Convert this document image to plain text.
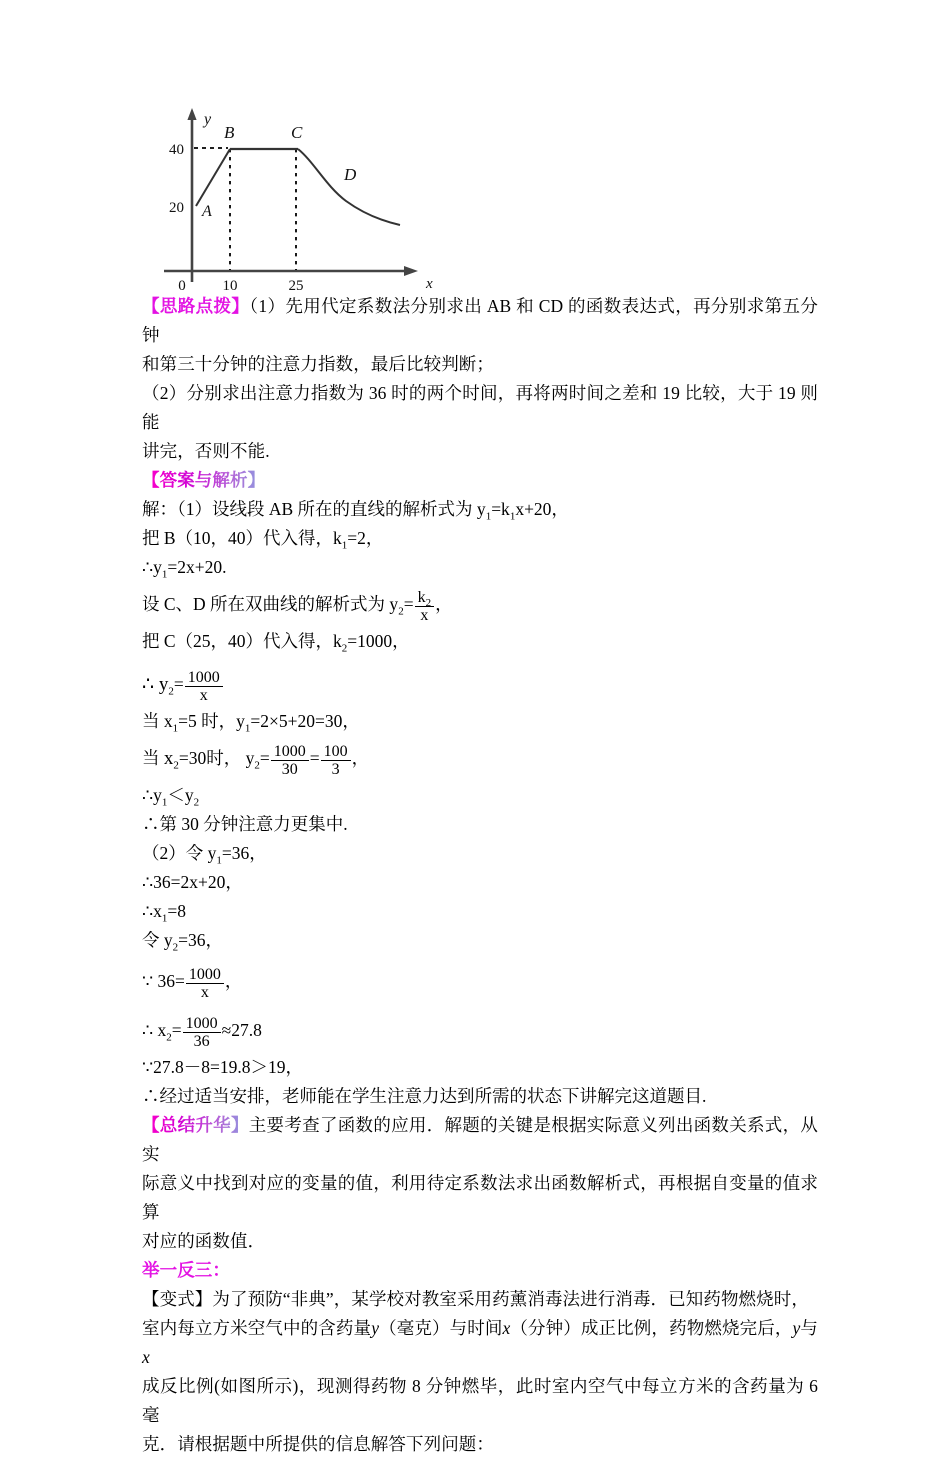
40
20
10	25
0
y
x
A
B	C
D

【思路点拨】（1）先用代定系数法分别求出 AB 和 CD 的函数表达式，再分别求第五分钟

和第三十分钟的注意力指数，最后比较判断；

（2）分别求出注意力指数为 36 时的两个时间，再将两时间之差和 19 比较，大于 19 则能

讲完，否则不能.

【答案与解析】

解：（1）设线段 AB 所在的直线的解析式为 $y_1=k_1x+20$，

把 B（10，40）代入得，$k_1=2$，

$\therefore y_1=2x+20$.

设 C、D 所在双曲线的解析式为 $y_2= \frac{k_2}{x}$ ，

把 C（25，40）代入得，$k_2=1000$，

∴ $y_2= \frac{1000}{x}$

当 $x_1=5$ 时，$y_1=2\times 5+20=30$，

当 $x_2=30$时， $y_2= \frac{1000}{30} = \frac{100}{3}$ ，

$\therefore y_1<y_2$

∴第 30 分钟注意力更集中.

（2）令 $y_1=36$，

∴36=2x+20，

$\therefore x_1=8$

令 $y_2=36$，

∵ $36= \frac{1000}{x}$ ，

∴ $x_2= \frac{1000}{36} \approx 27.8$

∵27.8－8=19.8＞19，

∴经过适当安排，老师能在学生注意力达到所需的状态下讲解完这道题目.

【总结升华】主要考查了函数的应用．解题的关键是根据实际意义列出函数关系式，从实

际意义中找到对应的变量的值，利用待定系数法求出函数解析式，再根据自变量的值求算

对应的函数值．

举一反三：

【变式】为了预防“非典”，某学校对教室采用药薰消毒法进行消毒．已知药物燃烧时，

室内每立方米空气中的含药量y（毫克）与时间x（分钟）成正比例，药物燃烧完后，y与x

成反比例(如图所示)，现测得药物 8 分钟燃毕，此时室内空气中每立方米的含药量为 6 毫

克．请根据题中所提供的信息解答下列问题：
